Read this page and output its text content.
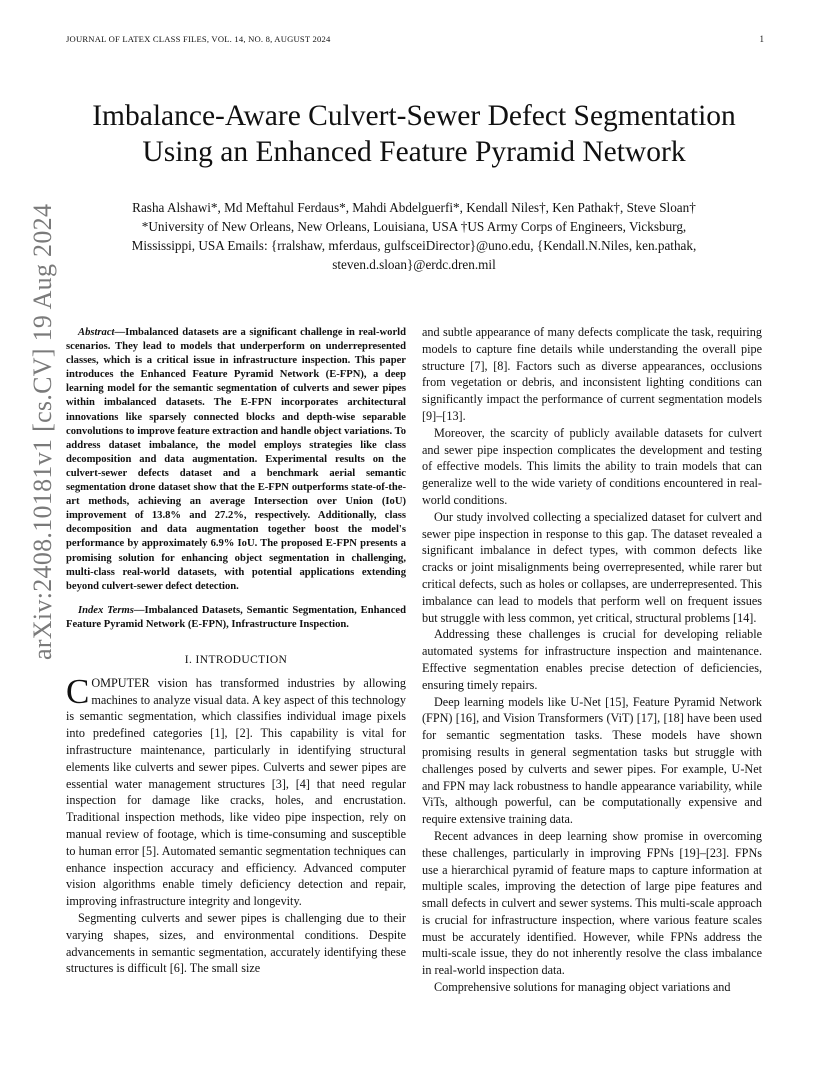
JOURNAL OF LATEX CLASS FILES, VOL. 14, NO. 8, AUGUST 2024	1
arXiv:2408.10181v1 [cs.CV] 19 Aug 2024
Imbalance-Aware Culvert-Sewer Defect Segmentation Using an Enhanced Feature Pyramid Network
Rasha Alshawi*, Md Meftahul Ferdaus*, Mahdi Abdelguerfi*, Kendall Niles†, Ken Pathak†, Steve Sloan†
*University of New Orleans, New Orleans, Louisiana, USA †US Army Corps of Engineers, Vicksburg,
Mississippi, USA Emails: {rralshaw, mferdaus, gulfsceiDirector}@uno.edu, {Kendall.N.Niles, ken.pathak,
steven.d.sloan}@erdc.dren.mil

Abstract—Imbalanced datasets are a significant challenge in real-world scenarios. They lead to models that underperform on underrepresented classes, which is a critical issue in infrastructure inspection. This paper introduces the Enhanced Feature Pyramid Network (E-FPN), a deep learning model for the semantic segmentation of culverts and sewer pipes within imbalanced datasets. The E-FPN incorporates architectural innovations like sparsely connected blocks and depth-wise separable convolutions to improve feature extraction and handle object variations. To address dataset imbalance, the model employs strategies like class decomposition and data augmentation. Experimental results on the culvert-sewer defects dataset and a benchmark aerial semantic segmentation drone dataset show that the E-FPN outperforms state-of-the-art methods, achieving an average Intersection over Union (IoU) improvement of 13.8% and 27.2%, respectively. Additionally, class decomposition and data augmentation together boost the model's performance by approximately 6.9% IoU. The proposed E-FPN presents a promising solution for enhancing object segmentation in challenging, multi-class real-world datasets, with potential applications extending beyond culvert-sewer defect detection.

Index Terms—Imbalanced Datasets, Semantic Segmentation, Enhanced Feature Pyramid Network (E-FPN), Infrastructure Inspection.

I. INTRODUCTION

COMPUTER vision has transformed industries by allowing machines to analyze visual data. A key aspect of this technology is semantic segmentation, which classifies individual image pixels into predefined categories [1], [2]. This capability is vital for infrastructure maintenance, particularly in identifying structural elements like culverts and sewer pipes. Culverts and sewer pipes are essential water management structures [3], [4] that need regular inspection for damage like cracks, holes, and encrustation. Traditional inspection methods, like video pipe inspection, rely on manual review of footage, which is time-consuming and susceptible to human error [5]. Automated semantic segmentation techniques can enhance inspection accuracy and efficiency. Advanced computer vision algorithms enable timely deficiency detection and repair, improving infrastructure integrity and longevity.

Segmenting culverts and sewer pipes is challenging due to their varying shapes, sizes, and environmental conditions. Despite advancements in semantic segmentation, accurately identifying these structures is difficult [6]. The small size

and subtle appearance of many defects complicate the task, requiring models to capture fine details while understanding the overall pipe structure [7], [8]. Factors such as diverse appearances, occlusions from vegetation or debris, and inconsistent lighting conditions can significantly impact the performance of current segmentation models [9]–[13].

Moreover, the scarcity of publicly available datasets for culvert and sewer pipe inspection complicates the development and testing of effective models. This limits the ability to train models that can generalize well to the wide variety of conditions encountered in real-world conditions.

Our study involved collecting a specialized dataset for culvert and sewer pipe inspection in response to this gap. The dataset revealed a significant imbalance in defect types, with common defects like cracks or joint misalignments being overrepresented, while rarer but critical defects, such as holes or collapses, are underrepresented. This imbalance can lead to models that perform well on frequent issues but struggle with less common, yet critical, structural problems [14].

Addressing these challenges is crucial for developing reliable automated systems for infrastructure inspection and maintenance. Effective segmentation enables precise detection of deficiencies, ensuring timely repairs.

Deep learning models like U-Net [15], Feature Pyramid Network (FPN) [16], and Vision Transformers (ViT) [17], [18] have been used for semantic segmentation tasks. These models have shown promising results in general segmentation tasks but struggle with challenges posed by culverts and sewer pipes. For example, U-Net and FPN may lack robustness to handle appearance variability, while ViTs, although powerful, can be computationally expensive and require extensive training data.

Recent advances in deep learning show promise in overcoming these challenges, particularly in improving FPNs [19]–[23]. FPNs use a hierarchical pyramid of feature maps to capture information at multiple scales, improving the detection of large pipe features and small defects in culvert and sewer systems. This multi-scale approach is crucial for infrastructure inspection, where various feature scales must be accurately identified. However, while FPNs address the multi-scale issue, they do not inherently resolve the class imbalance in real-world inspection data.

Comprehensive solutions for managing object variations and
